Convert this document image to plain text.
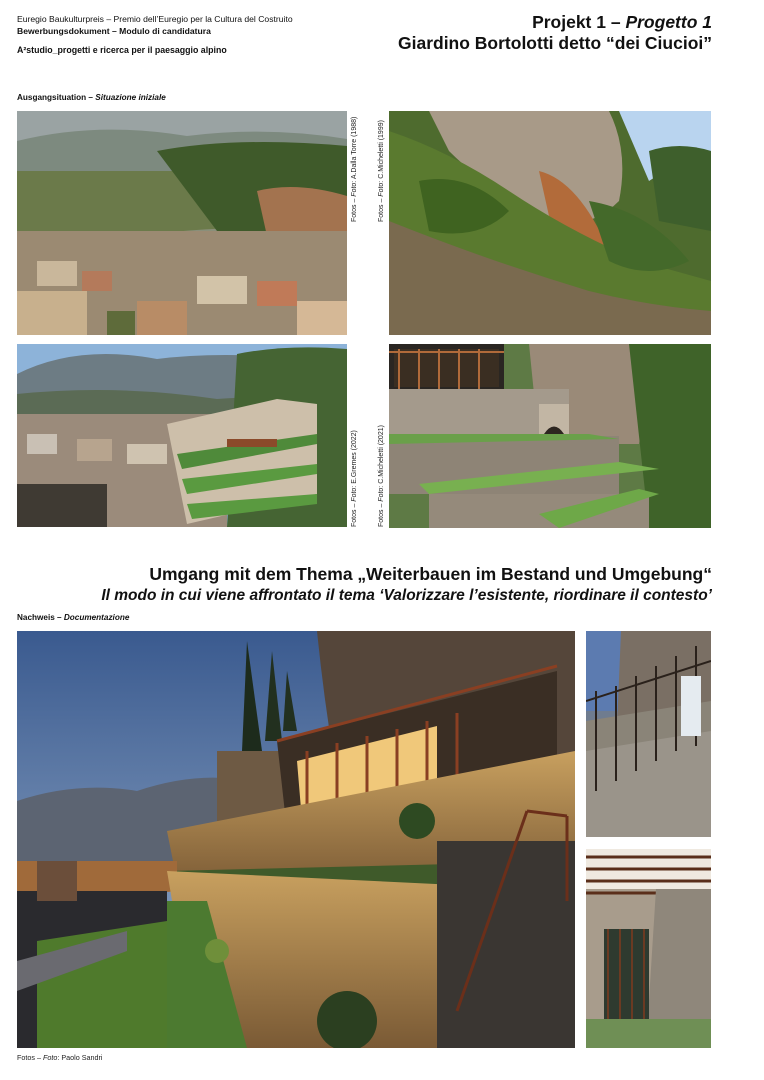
Euregio Baukulturpreis – Premio dell’Euregio per la Cultura del Costruito
Bewerbungsdokument – Modulo di candidatura
A²studio_progetti e ricerca per il paesaggio alpino
Projekt 1 – Progetto 1
Giardino Bortolotti detto “dei Ciucioi”
Ausgangsituation – Situazione iniziale
Fotos – Foto: A.Dalla Torre (1988)
Fotos – Foto: C.Micheletti (1999)
Fotos – Foto: E.Gremes (2022)
Fotos – Foto: C.Micheletti (2021)
Umgang mit dem Thema „Weiterbauen im Bestand und Umgebung“
Il modo in cui viene affrontato il tema ‘Valorizzare l’esistente, riordinare il contesto’
Nachweis – Documentazione
Fotos – Foto: Paolo Sandri
